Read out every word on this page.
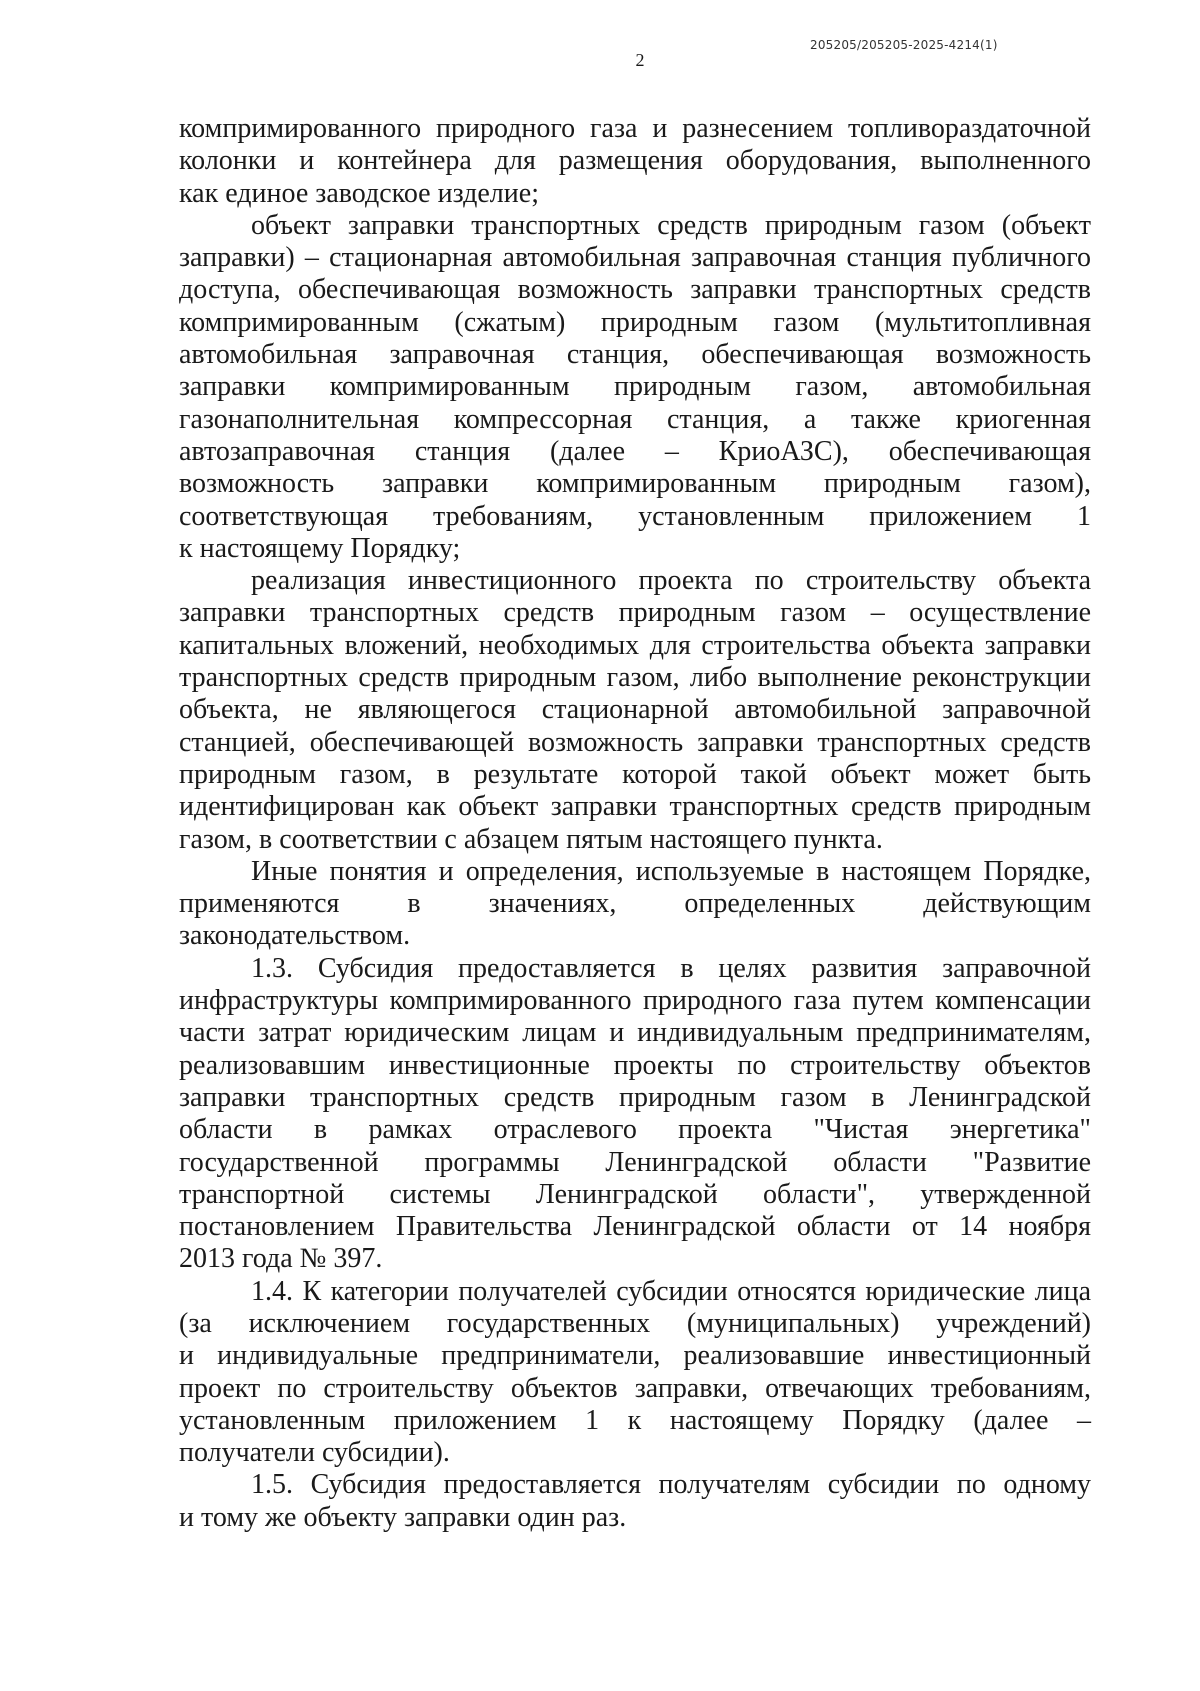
205205/205205-2025-4214(1)
2
компримированного природного газа и разнесением топливораздаточной
колонки и контейнера для размещения оборудования, выполненного
как единое заводское изделие;
объект заправки транспортных средств природным газом (объект
заправки) – стационарная автомобильная заправочная станция публичного
доступа, обеспечивающая возможность заправки транспортных средств
компримированным (сжатым) природным газом (мультитопливная
автомобильная заправочная станция, обеспечивающая возможность
заправки компримированным природным газом, автомобильная
газонаполнительная компрессорная станция, а также криогенная
автозаправочная станция (далее – КриоАЗС), обеспечивающая
возможность заправки компримированным природным газом),
соответствующая требованиям, установленным приложением 1
к настоящему Порядку;
реализация инвестиционного проекта по строительству объекта
заправки транспортных средств природным газом – осуществление
капитальных вложений, необходимых для строительства объекта заправки
транспортных средств природным газом, либо выполнение реконструкции
объекта, не являющегося стационарной автомобильной заправочной
станцией, обеспечивающей возможность заправки транспортных средств
природным газом, в результате которой такой объект может быть
идентифицирован как объект заправки транспортных средств природным
газом, в соответствии с абзацем пятым настоящего пункта.
Иные понятия и определения, используемые в настоящем Порядке,
применяются в значениях, определенных действующим
законодательством.
1.3. Субсидия предоставляется в целях развития заправочной
инфраструктуры компримированного природного газа путем компенсации
части затрат юридическим лицам и индивидуальным предпринимателям,
реализовавшим инвестиционные проекты по строительству объектов
заправки транспортных средств природным газом в Ленинградской
области в рамках отраслевого проекта "Чистая энергетика"
государственной программы Ленинградской области "Развитие
транспортной системы Ленинградской области", утвержденной
постановлением Правительства Ленинградской области от 14 ноября
2013 года № 397.
1.4. К категории получателей субсидии относятся юридические лица
(за исключением государственных (муниципальных) учреждений)
и индивидуальные предприниматели, реализовавшие инвестиционный
проект по строительству объектов заправки, отвечающих требованиям,
установленным приложением 1 к настоящему Порядку (далее –
получатели субсидии).
1.5. Субсидия предоставляется получателям субсидии по одному
и тому же объекту заправки один раз.
